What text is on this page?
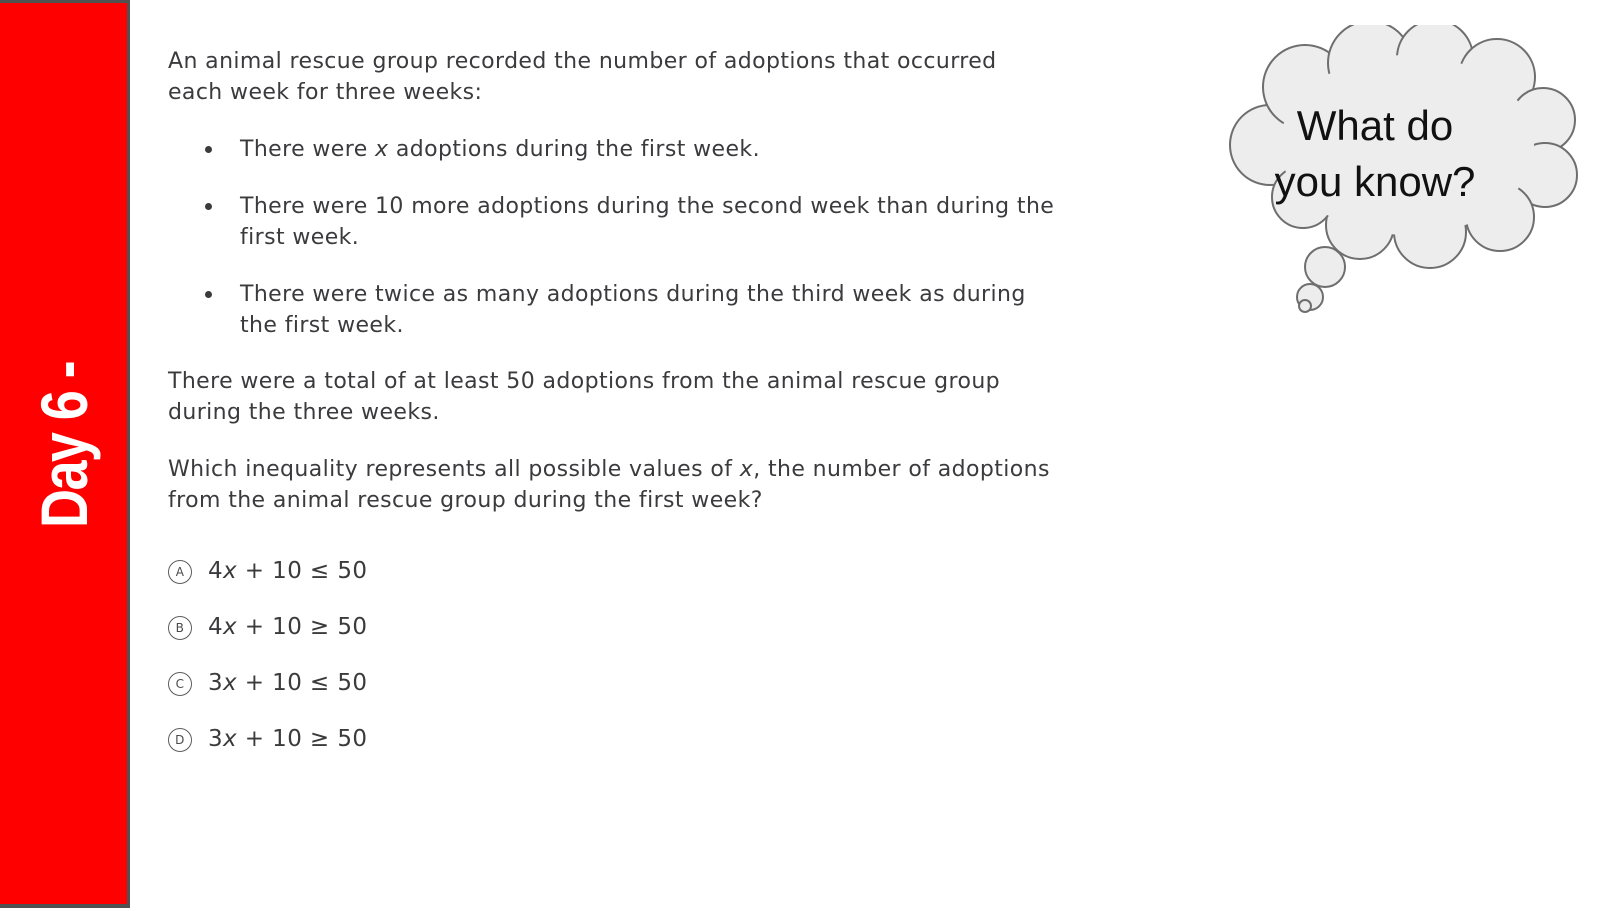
Day 6 -
An animal rescue group recorded the number of adoptions that occurred each week for three weeks:
There were x adoptions during the first week.
There were 10 more adoptions during the second week than during the first week.
There were twice as many adoptions during the third week as during the first week.
There were a total of at least 50 adoptions from the animal rescue group during the three weeks.
Which inequality represents all possible values of x, the number of adoptions from the animal rescue group during the first week?
A	4x + 10 ≤ 50
B	4x + 10 ≥ 50
C	3x + 10 ≤ 50
D	3x + 10 ≥ 50
What do
you know?
